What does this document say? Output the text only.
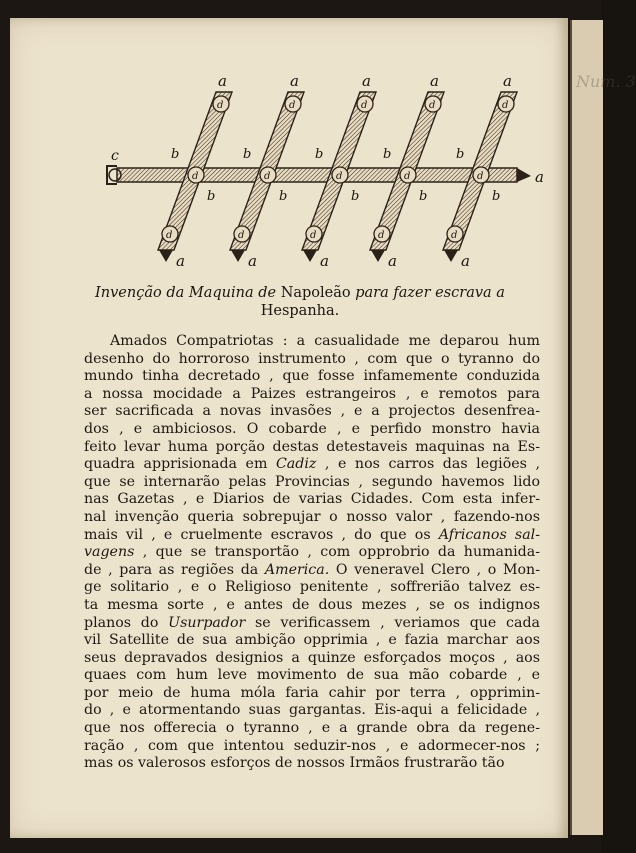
Num. 3
c
a
d
d
d
a
a
b
b
d
d
d
a
a
b
b
d
d
d
a
a
b
b
d
d
d
a
a
b
b
d
d
d
a
a
b
b
Invenção da Maquina de Napoleão para fazer escrava a
Hespanha.
Amados Compatriotas : a casualidade me deparou hum
desenho do horroroso instrumento , com que o tyranno do
mundo tinha decretado , que fosse infamemente conduzida
a nossa mocidade a Paizes estrangeiros , e remotos para
ser sacrificada a novas invasões , e a projectos desenfrea-
dos , e ambiciosos. O cobarde , e perfido monstro havia
feito levar huma porção destas detestaveis maquinas na Es-
quadra apprisionada em Cadiz , e nos carros das legiões ,
que se internarão pelas Provincias , segundo havemos lido
nas Gazetas , e Diarios de varias Cidades. Com esta infer-
nal invenção queria sobrepujar o nosso valor , fazendo-nos
mais vil , e cruelmente escravos , do que os Africanos sal-
vagens , que se transportão , com opprobrio da humanida-
de , para as regiões da America. O veneravel Clero , o Mon-
ge solitario , e o Religioso penitente , soffrerião talvez es-
ta mesma sorte , e antes de dous mezes , se os indignos
planos do Usurpador se verificassem , veriamos que cada
vil Satellite de sua ambição opprimia , e fazia marchar aos
seus depravados designios a quinze esforçados moços , aos
quaes com hum leve movimento de sua mão cobarde , e
por meio de huma móla faria cahir por terra , opprimin-
do , e atormentando suas gargantas. Eis-aqui a felicidade ,
que nos offerecia o tyranno , e a grande obra da regene-
ração , com que intentou seduzir-nos , e adormecer-nos ;
mas os valerosos esforços de nossos Irmãos frustrarão tão
